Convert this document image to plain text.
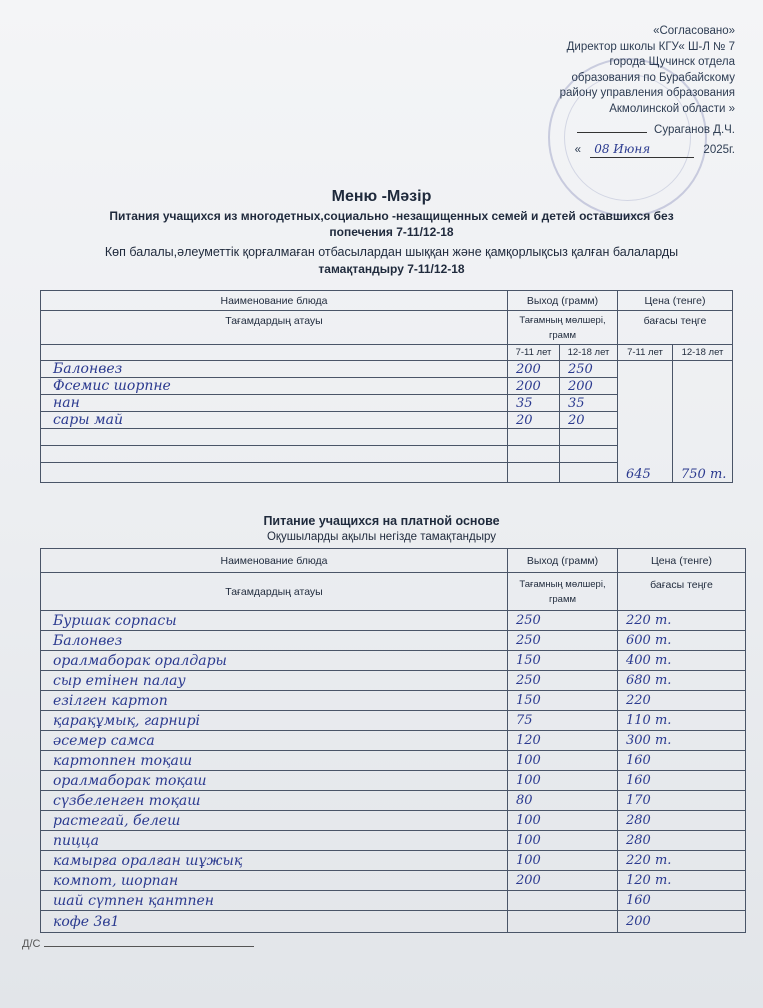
«Согласовано»
Директор школы КГУ« Ш-Л № 7
города Щучинск отдела
образования по Бурабайскому
району управления образования
Акмолинской области »
Сураганов Д.Ч.
« 08 Июня	2025г.
Меню -Мәзір
Питания учащихся из многодетных,социально -незащищенных семей и детей оставшихся без
попечения 7-11/12-18
Көп балалы,әлеуметтік қорғалмаған отбасылардан шыққан және қамқорлықсыз қалған балаларды
тамақтандыру 7-11/12-18
Наименование блюда	Выход (грамм)		Цена (тенге)	
Тағамдардың атауы	Тағамның мөлшері, грамм		бағасы теңге	
	7-11 лет	12-18 лет	7-11 лет	12-18 лет
Балонвез	200	250	645	750 т.
Фсемис шорпне	200	200		
нан	35	35		
сары май	20	20		

Питание учащихся на платной основе
Оқушыларды ақылы негізде тамақтандыру
Наименование блюда	Выход (грамм)	Цена (тенге)
Тағамдардың атауы	Тағамның мөлшері, грамм	бағасы теңге
Буршак сорпасы	250	220 т.
Балонвез	250	600 т.
оралмаборак оралдары	150	400 т.
сыр етінен палау	250	680 т.
езілген картоп	150	220
қарақұмық, гарнирі	75	110 т.
әсемер самса	120	300 т.
картоппен тоқаш	100	160
оралмаборак тоқаш	100	160
сүзбеленген тоқаш	80	170
растегай, белеш	100	280
пицца	100	280
камырға оралған шұжық	100	220 т.
компот, шорпан	200	120 т.
шай сүтпен қантпен		160
кофе 3в1		200
Д/С
